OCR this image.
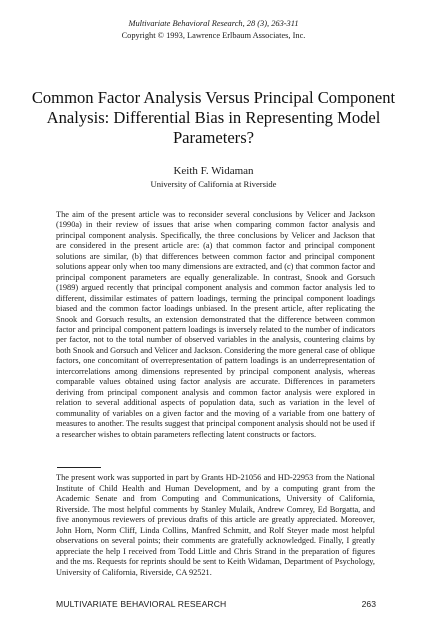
Multivariate Behavioral Research, 28 (3), 263-311
Copyright © 1993, Lawrence Erlbaum Associates, Inc.
Common Factor Analysis Versus Principal Component
Analysis: Differential Bias in Representing Model
Parameters?
Keith F. Widaman
University of California at Riverside
The aim of the present article was to reconsider several conclusions by Velicer and Jackson (1990a) in their review of issues that arise when comparing common factor analysis and principal component analysis. Specifically, the three conclusions by Velicer and Jackson that are considered in the present article are: (a) that common factor and principal component solutions are similar, (b) that differences between common factor and principal component solutions appear only when too many dimensions are extracted, and (c) that common factor and principal component parameters are equally generalizable. In contrast, Snook and Gorsuch (1989) argued recently that principal component analysis and common factor analysis led to different, dissimilar estimates of pattern loadings, terming the principal component loadings biased and the common factor loadings unbiased. In the present article, after replicating the Snook and Gorsuch results, an extension demonstrated that the difference between common factor and principal component pattern loadings is inversely related to the number of indicators per factor, not to the total number of observed variables in the analysis, countering claims by both Snook and Gorsuch and Velicer and Jackson. Considering the more general case of oblique factors, one concomitant of overrepresentation of pattern loadings is an underrepresentation of intercorrelations among dimensions represented by principal component analysis, whereas comparable values obtained using factor analysis are accurate. Differences in parameters deriving from principal component analysis and common factor analysis were explored in relation to several additional aspects of population data, such as variation in the level of communality of variables on a given factor and the moving of a variable from one battery of measures to another. The results suggest that principal component analysis should not be used if a researcher wishes to obtain parameters reflecting latent constructs or factors.
The present work was supported in part by Grants HD-21056 and HD-22953 from the National Institute of Child Health and Human Development, and by a computing grant from the Academic Senate and from Computing and Communications, University of California, Riverside. The most helpful comments by Stanley Mulaik, Andrew Comrey, Ed Borgatta, and five anonymous reviewers of previous drafts of this article are greatly appreciated. Moreover, John Horn, Norm Cliff, Linda Collins, Manfred Schmitt, and Rolf Steyer made most helpful observations on several points; their comments are gratefully acknowledged. Finally, I greatly appreciate the help I received from Todd Little and Chris Strand in the preparation of figures and the ms. Requests for reprints should be sent to Keith Widaman, Department of Psychology, University of California, Riverside, CA 92521.
MULTIVARIATE BEHAVIORAL RESEARCH	263
